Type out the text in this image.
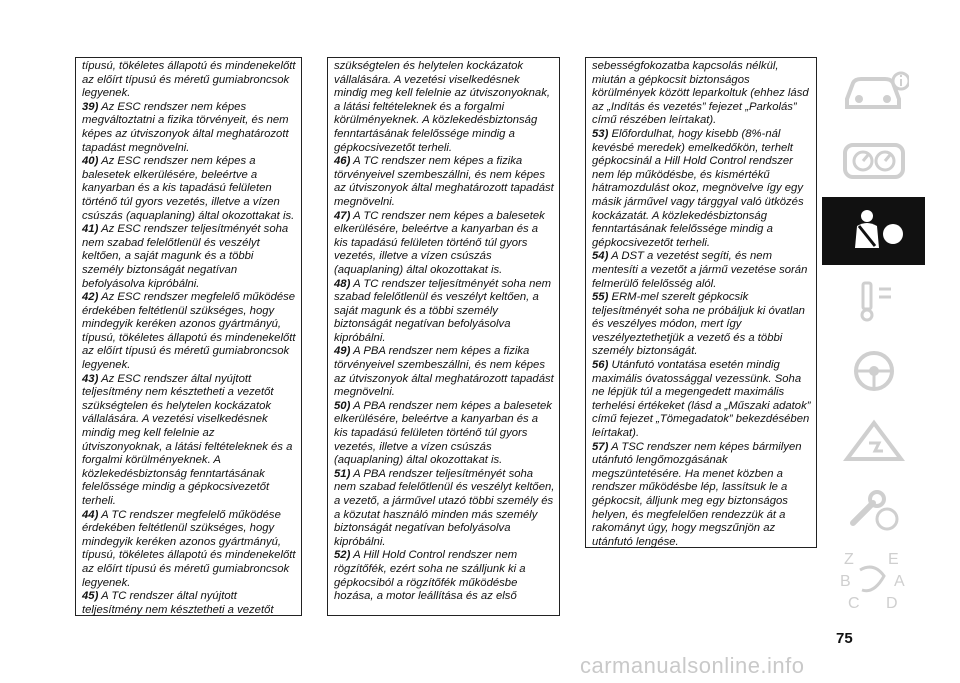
típusú, tökéletes állapotú és mindenekelőtt az előírt típusú és méretű gumiabroncsok legyenek.

39) Az ESC rendszer nem képes megváltoztatni a fizika törvényeit, és nem képes az útviszonyok által meghatározott tapadást megnövelni.

40) Az ESC rendszer nem képes a balesetek elkerülésére, beleértve a kanyarban és a kis tapadású felületen történő túl gyors vezetés, illetve a vízen csúszás (aquaplaning) által okozottakat is.

41) Az ESC rendszer teljesítményét soha nem szabad felelőtlenül és veszélyt keltően, a saját magunk és a többi személy biztonságát negatívan befolyásolva kipróbálni.

42) Az ESC rendszer megfelelő működése érdekében feltétlenül szükséges, hogy mindegyik keréken azonos gyártmányú, típusú, tökéletes állapotú és mindenekelőtt az előírt típusú és méretű gumiabroncsok legyenek.

43) Az ESC rendszer által nyújtott teljesítmény nem késztetheti a vezetőt szükségtelen és helytelen kockázatok vállalására. A vezetési viselkedésnek mindig meg kell felelnie az útviszonyoknak, a látási feltételeknek és a forgalmi körülményeknek. A közlekedésbiztonság fenntartásának felelőssége mindig a gépkocsivezetőt terheli.

44) A TC rendszer megfelelő működése érdekében feltétlenül szükséges, hogy mindegyik keréken azonos gyártmányú, típusú, tökéletes állapotú és mindenekelőtt az előírt típusú és méretű gumiabroncsok legyenek.

45) A TC rendszer által nyújtott teljesítmény nem késztetheti a vezetőt

szükségtelen és helytelen kockázatok vállalására. A vezetési viselkedésnek mindig meg kell felelnie az útviszonyoknak, a látási feltételeknek és a forgalmi körülményeknek. A közlekedésbiztonság fenntartásának felelőssége mindig a gépkocsivezetőt terheli.

46) A TC rendszer nem képes a fizika törvényeivel szembeszállni, és nem képes az útviszonyok által meghatározott tapadást megnövelni.

47) A TC rendszer nem képes a balesetek elkerülésére, beleértve a kanyarban és a kis tapadású felületen történő túl gyors vezetés, illetve a vízen csúszás (aquaplaning) által okozottakat is.

48) A TC rendszer teljesítményét soha nem szabad felelőtlenül és veszélyt keltően, a saját magunk és a többi személy biztonságát negatívan befolyásolva kipróbálni.

49) A PBA rendszer nem képes a fizika törvényeivel szembeszállni, és nem képes az útviszonyok által meghatározott tapadást megnövelni.

50) A PBA rendszer nem képes a balesetek elkerülésére, beleértve a kanyarban és a kis tapadású felületen történő túl gyors vezetés, illetve a vízen csúszás (aquaplaning) által okozottakat is.

51) A PBA rendszer teljesítményét soha nem szabad felelőtlenül és veszélyt keltően, a vezető, a járművel utazó többi személy és a közutat használó minden más személy biztonságát negatívan befolyásolva kipróbálni.

52) A Hill Hold Control rendszer nem rögzítőfék, ezért soha ne szálljunk ki a gépkocsiból a rögzítőfék működésbe hozása, a motor leállítása és az első

sebességfokozatba kapcsolás nélkül, miután a gépkocsit biztonságos körülmények között leparkoltuk (ehhez lásd az „Indítás és vezetés” fejezet „Parkolás” című részében leírtakat).

53) Előfordulhat, hogy kisebb (8%-nál kevésbé meredek) emelkedőkön, terhelt gépkocsinál a Hill Hold Control rendszer nem lép működésbe, és kismértékű hátramozdulást okoz, megnövelve így egy másik járművel vagy tárggyal való ütközés kockázatát. A közlekedésbiztonság fenntartásának felelőssége mindig a gépkocsivezetőt terheli.

54) A DST a vezetést segíti, és nem mentesíti a vezetőt a jármű vezetése során felmerülő felelősség alól.

55) ERM-mel szerelt gépkocsik teljesítményét soha ne próbáljuk ki óvatlan és veszélyes módon, mert így veszélyeztethetjük a vezető és a többi személy biztonságát.

56) Utánfutó vontatása esetén mindig maximális óvatossággal vezessünk. Soha ne lépjük túl a megengedett maximális terhelési értékeket (lásd a „Műszaki adatok” című fejezet „Tömegadatok” bekezdésében leírtakat).

57) A TSC rendszer nem képes bármilyen utánfutó lengőmozgásának megszüntetésére. Ha menet közben a rendszer működésbe lép, lassítsuk le a gépkocsit, álljunk meg egy biztonságos helyen, és megfelelően rendezzük át a rakományt úgy, hogy megszűnjön az utánfutó lengése.

Z E
B	A
C D
75
carmanualsonline.info
